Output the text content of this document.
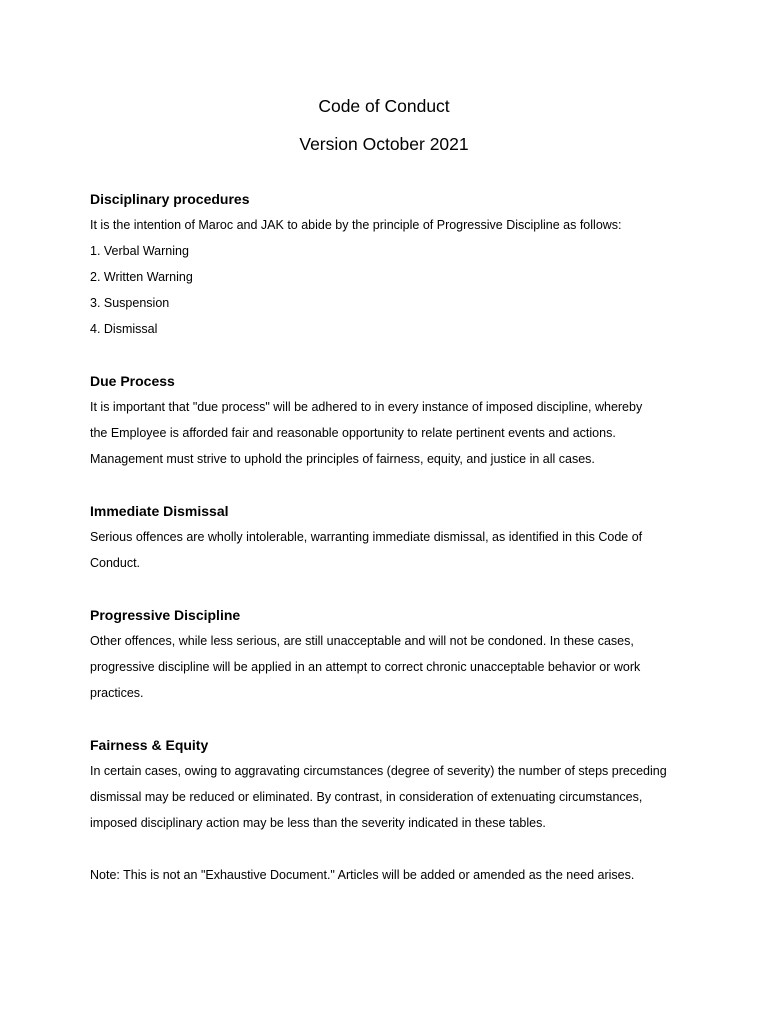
Code of Conduct
Version October 2021
Disciplinary procedures

It is the intention of Maroc and JAK to abide by the principle of Progressive Discipline as follows:

1. Verbal Warning
2. Written Warning
3. Suspension
4. Dismissal
Due Process

It is important that "due process" will be adhered to in every instance of imposed discipline, whereby

the Employee is afforded fair and reasonable opportunity to relate pertinent events and actions.

Management must strive to uphold the principles of fairness, equity, and justice in all cases.

Immediate Dismissal

Serious offences are wholly intolerable, warranting immediate dismissal, as identified in this Code of

Conduct.

Progressive Discipline

Other offences, while less serious, are still unacceptable and will not be condoned. In these cases,

progressive discipline will be applied in an attempt to correct chronic unacceptable behavior or work

practices.

Fairness & Equity

In certain cases, owing to aggravating circumstances (degree of severity) the number of steps preceding

dismissal may be reduced or eliminated. By contrast, in consideration of extenuating circumstances,

imposed disciplinary action may be less than the severity indicated in these tables.

Note: This is not an "Exhaustive Document." Articles will be added or amended as the need arises.
